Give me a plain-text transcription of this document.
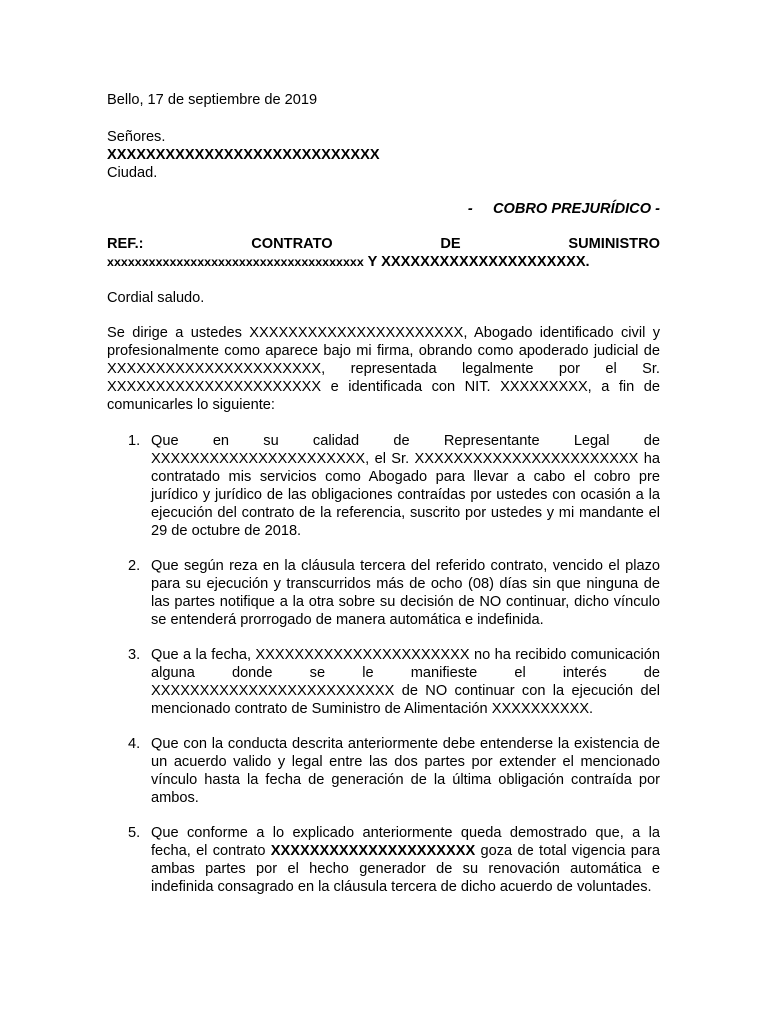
Bello, 17 de septiembre de 2019

Señores.

XXXXXXXXXXXXXXXXXXXXXXXXXXXX

Ciudad.

-     COBRO PREJURÍDICO -

REF.:	CONTRATO	DE	SUMINISTRO
xxxxxxxxxxxxxxxxxxxxxxxxxxxxxxxxxxxxx Y XXXXXXXXXXXXXXXXXXXXX.

Cordial saludo.

Se dirige a ustedes XXXXXXXXXXXXXXXXXXXXXX, Abogado identificado civil y profesionalmente como aparece bajo mi firma, obrando como apoderado judicial de XXXXXXXXXXXXXXXXXXXXXX, representada legalmente por el Sr. XXXXXXXXXXXXXXXXXXXXXX e identificada con NIT. XXXXXXXXX, a fin de comunicarles lo siguiente:

1. Que en su calidad de Representante Legal de XXXXXXXXXXXXXXXXXXXXXX, el Sr. XXXXXXXXXXXXXXXXXXXXXXX ha contratado mis servicios como Abogado para llevar a cabo el cobro pre jurídico y jurídico de las obligaciones contraídas por ustedes con ocasión a la ejecución del contrato de la referencia, suscrito por ustedes y mi mandante el 29 de octubre de 2018.

2. Que según reza en la cláusula tercera del referido contrato, vencido el plazo para su ejecución y transcurridos más de ocho (08) días sin que ninguna de las partes notifique a la otra sobre su decisión de NO continuar, dicho vínculo se entenderá prorrogado de manera automática e indefinida.

3. Que a la fecha, XXXXXXXXXXXXXXXXXXXXXX no ha recibido comunicación alguna donde se le manifieste el interés de XXXXXXXXXXXXXXXXXXXXXXXXX de NO continuar con la ejecución del mencionado contrato de Suministro de Alimentación XXXXXXXXXX.

4. Que con la conducta descrita anteriormente debe entenderse la existencia de un acuerdo valido y legal entre las dos partes por extender el mencionado vínculo hasta la fecha de generación de la última obligación contraída por ambos.

5. Que conforme a lo explicado anteriormente queda demostrado que, a la fecha, el contrato XXXXXXXXXXXXXXXXXXXXX goza de total vigencia para ambas partes por el hecho generador de su renovación automática e indefinida consagrado en la cláusula tercera de dicho acuerdo de voluntades.
